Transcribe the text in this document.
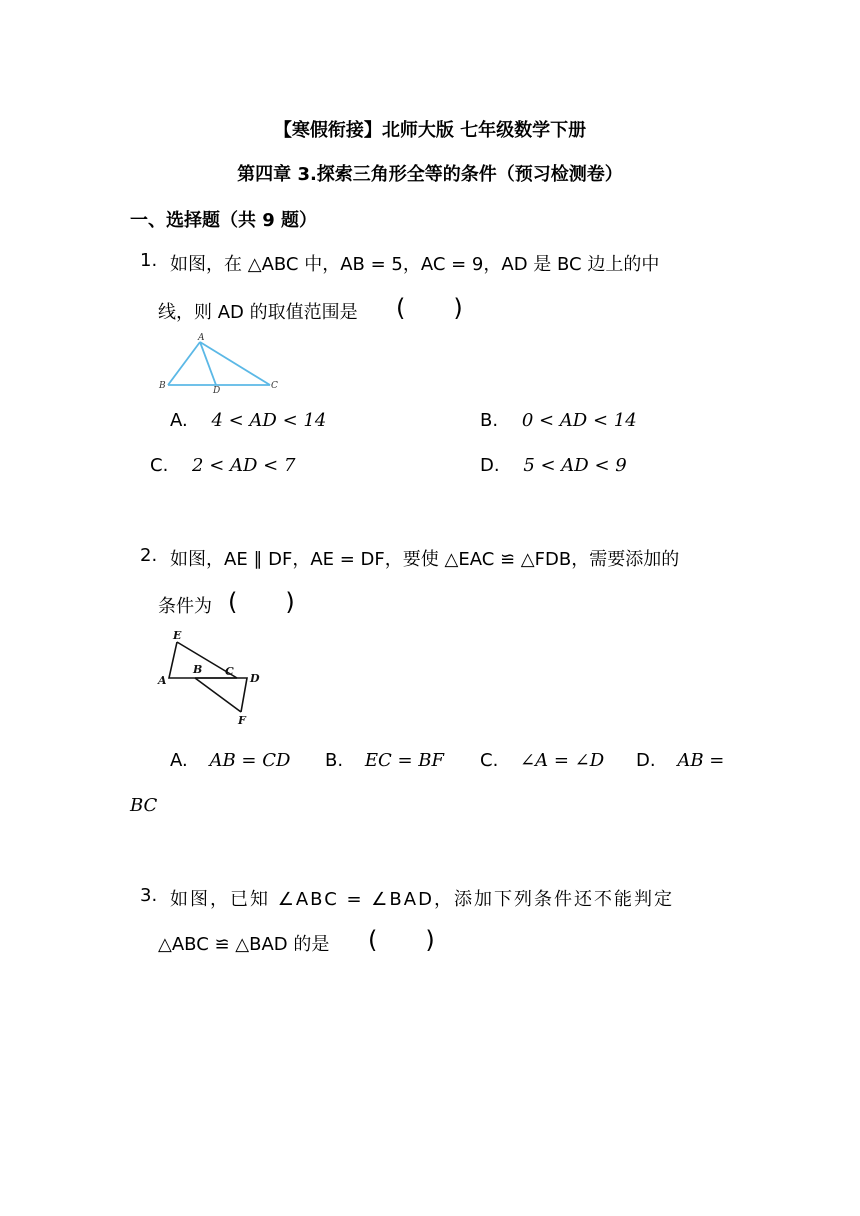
【寒假衔接】北师大版 七年级数学下册
第四章 3.探索三角形全等的条件（预习检测卷）
一、选择题（共 9 题）
1. 如图，在 △ABC 中，AB = 5，AC = 9，AD 是 BC 边上的中
线，则 AD 的取值范围是 (　　)
A
B	C
D
A. 4 < AD < 14	B. 0 < AD < 14
C. 2 < AD < 7	D. 5 < AD < 9
2. 如图，AE ∥ DF，AE = DF，要使 △EAC ≌ △FDB，需要添加的
条件为 (　　)
E
A
B C
D
F
A. AB = CD B. EC = BF C. ∠A = ∠D D. AB =
BC
3. 如图，已知 ∠ABC = ∠BAD，添加下列条件还不能判定
△ABC ≌ △BAD 的是 (　　)
